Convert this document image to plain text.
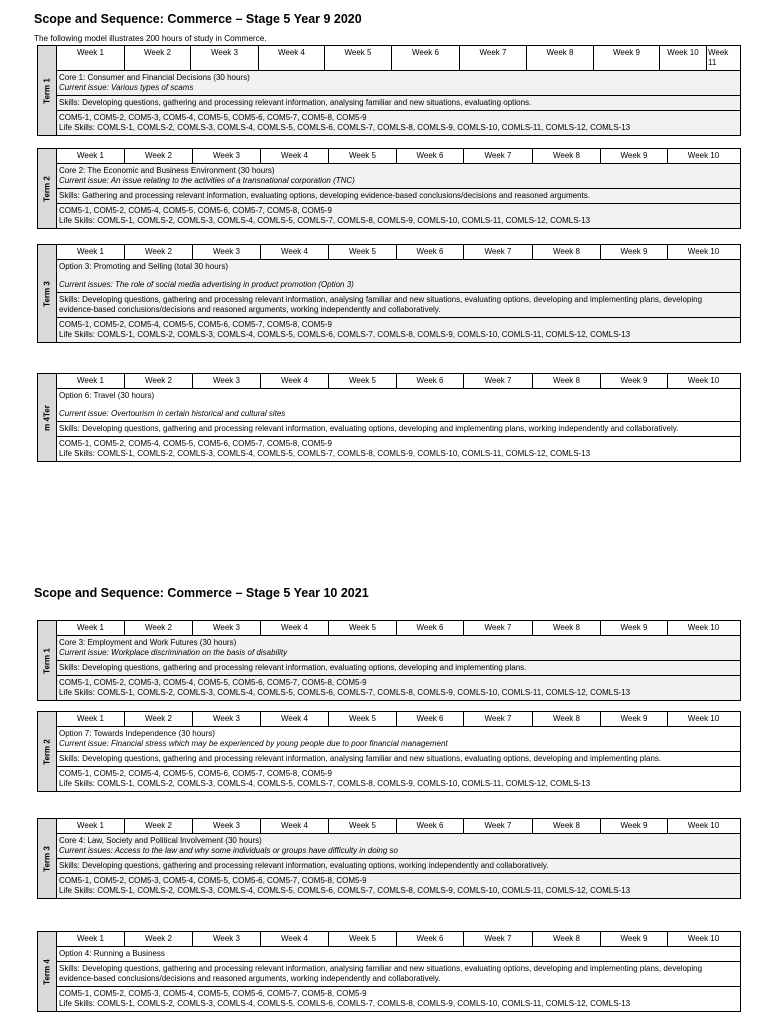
Scope and Sequence: Commerce – Stage 5 Year 9 2020
The following model illustrates 200 hours of study in Commerce.
Term 1
Week 1	Week 2	Week 3	Week 4	Week 5	Week 6	Week 7	Week 8	Week 9	Week 10	Week 11
Core 1: Consumer and Financial Decisions (30 hours)
Current issue: Various types of scams
Skills: Developing questions, gathering and processing relevant information, analysing familiar and new situations, evaluating options.
COM5-1, COM5-2, COM5-3, COM5-4, COM5-5, COM5-6, COM5-7, COM5-8, COM5-9
Life Skills: COMLS-1, COMLS-2, COMLS-3, COMLS-4, COMLS-5, COMLS-6, COMLS-7, COMLS-8, COMLS-9, COMLS-10, COMLS-11, COMLS-12, COMLS-13
Term 2
Week 1	Week 2	Week 3	Week 4	Week 5	Week 6	Week 7	Week 8	Week 9	Week 10
Core 2: The Economic and Business Environment (30 hours)
Current issue: An issue relating to the activities of a transnational corporation (TNC)
Skills: Gathering and processing relevant information, evaluating options, developing evidence-based conclusions/decisions and reasoned arguments.
COM5-1, COM5-2, COM5-4, COM5-5, COM5-6, COM5-7, COM5-8, COM5-9
Life Skills: COMLS-1, COMLS-2, COMLS-3, COMLS-4, COMLS-5, COMLS-7, COMLS-8, COMLS-9, COMLS-10, COMLS-11, COMLS-12, COMLS-13
Term 3
Week 1	Week 2	Week 3	Week 4	Week 5	Week 6	Week 7	Week 8	Week 9	Week 10
Option 3: Promoting and Selling (total 30 hours)
Current issues: The role of social media advertising in product promotion (Option 3)
Skills: Developing questions, gathering and processing relevant information, analysing familiar and new situations, evaluating options, developing and implementing plans, developing evidence-based conclusions/decisions and reasoned arguments, working independently and collaboratively.
COM5-1, COM5-2, COM5-4, COM5-5, COM5-6, COM5-7, COM5-8, COM5-9
Life Skills: COMLS-1, COMLS-2, COMLS-3, COMLS-4, COMLS-5, COMLS-6, COMLS-7, COMLS-8, COMLS-9, COMLS-10, COMLS-11, COMLS-12, COMLS-13
m 4Ter
Week 1	Week 2	Week 3	Week 4	Week 5	Week 6	Week 7	Week 8	Week 9	Week 10
Option 6: Travel (30 hours)
Current issue: Overtourism in certain historical and cultural sites
Skills: Developing questions, gathering and processing relevant information, evaluating options, developing and implementing plans, working independently and collaboratively.
COM5-1, COM5-2, COM5-4, COM5-5, COM5-6, COM5-7, COM5-8, COM5-9
Life Skills: COMLS-1, COMLS-2, COMLS-3, COMLS-4, COMLS-5, COMLS-7, COMLS-8, COMLS-9, COMLS-10, COMLS-11, COMLS-12, COMLS-13
Scope and Sequence: Commerce – Stage 5 Year 10 2021
Term 1
Week 1	Week 2	Week 3	Week 4	Week 5	Week 6	Week 7	Week 8	Week 9	Week 10
Core 3: Employment and Work Futures (30 hours)
Current issue: Workplace discrimination on the basis of disability
Skills: Developing questions, gathering and processing relevant information, evaluating options, developing and implementing plans.
COM5-1, COM5-2, COM5-3, COM5-4, COM5-5, COM5-6, COM5-7, COM5-8, COM5-9
Life Skills: COMLS-1, COMLS-2, COMLS-3, COMLS-4, COMLS-5, COMLS-6, COMLS-7, COMLS-8, COMLS-9, COMLS-10, COMLS-11, COMLS-12, COMLS-13
Term 2
Week 1	Week 2	Week 3	Week 4	Week 5	Week 6	Week 7	Week 8	Week 9	Week 10
Option 7: Towards Independence (30 hours)
Current issue: Financial stress which may be experienced by young people due to poor financial management
Skills: Developing questions, gathering and processing relevant information, analysing familiar and new situations, evaluating options, developing and implementing plans.
COM5-1, COM5-2, COM5-4, COM5-5, COM5-6, COM5-7, COM5-8, COM5-9
Life Skills: COMLS-1, COMLS-2, COMLS-3, COMLS-4, COMLS-5, COMLS-7, COMLS-8, COMLS-9, COMLS-10, COMLS-11, COMLS-12, COMLS-13
Term 3
Week 1	Week 2	Week 3	Week 4	Week 5	Week 6	Week 7	Week 8	Week 9	Week 10
Core 4: Law, Society and Political Involvement (30 hours)
Current issues: Access to the law and why some individuals or groups have difficulty in doing so
Skills: Developing questions, gathering and processing relevant information, evaluating options, working independently and collaboratively.
COM5-1, COM5-2, COM5-3, COM5-4, COM5-5, COM5-6, COM5-7, COM5-8, COM5-9
Life Skills: COMLS-1, COMLS-2, COMLS-3, COMLS-4, COMLS-5, COMLS-6, COMLS-7, COMLS-8, COMLS-9, COMLS-10, COMLS-11, COMLS-12, COMLS-13
Term 4
Week 1	Week 2	Week 3	Week 4	Week 5	Week 6	Week 7	Week 8	Week 9	Week 10
Option 4: Running a Business
Skills: Developing questions, gathering and processing relevant information, analysing familiar and new situations, evaluating options, developing and implementing plans, developing evidence-based conclusions/decisions and reasoned arguments, working independently and collaboratively.
COM5-1, COM5-2, COM5-3, COM5-4, COM5-5, COM5-6, COM5-7, COM5-8, COM5-9
Life Skills: COMLS-1, COMLS-2, COMLS-3, COMLS-4, COMLS-5, COMLS-6, COMLS-7, COMLS-8, COMLS-9, COMLS-10, COMLS-11, COMLS-12, COMLS-13
